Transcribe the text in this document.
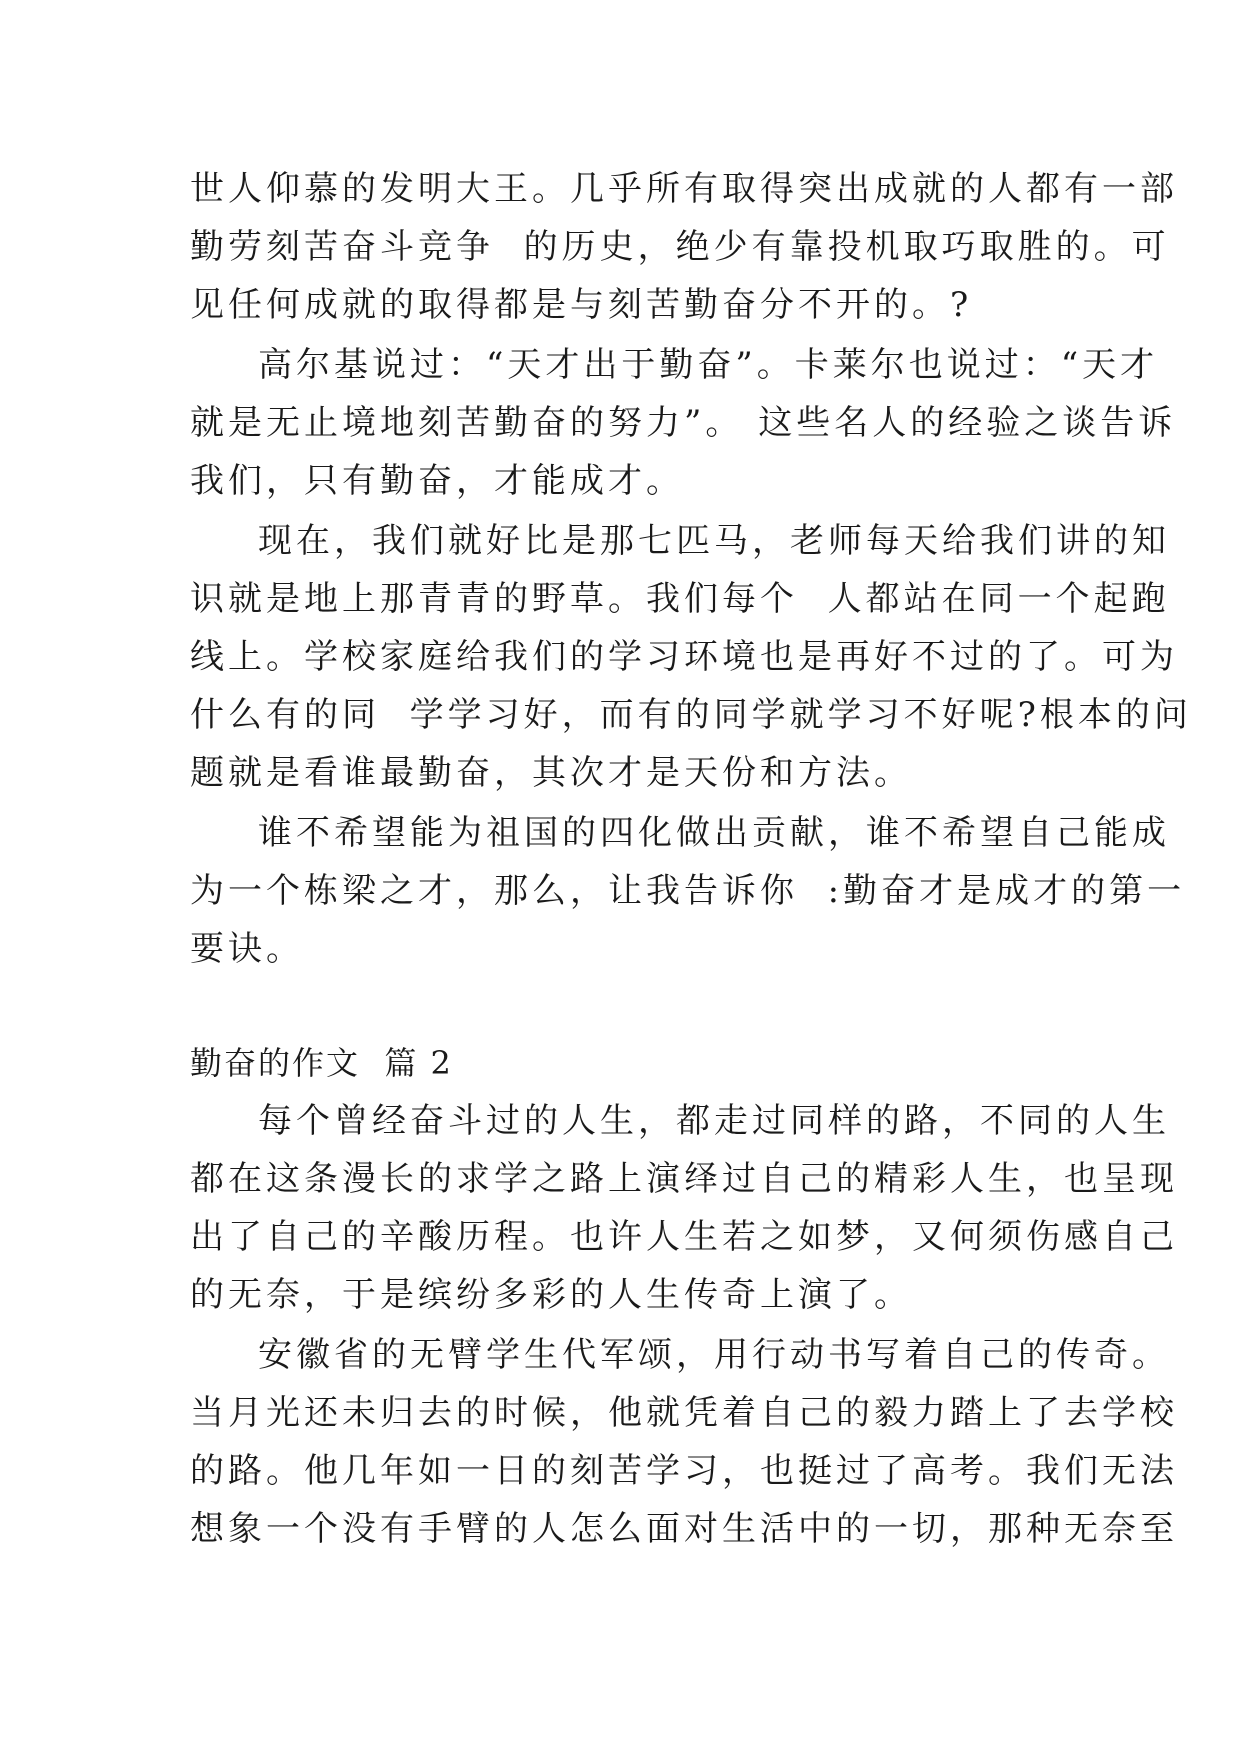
世人仰慕的发明大王。几乎所有取得突出成就的人都有一部
勤劳刻苦奋斗竞争  的历史，绝少有靠投机取巧取胜的。可
见任何成就的取得都是与刻苦勤奋分不开的。?
高尔基说过：“天才出于勤奋”。卡莱尔也说过：“天才
就是无止境地刻苦勤奋的努力”。 这些名人的经验之谈告诉
我们，只有勤奋，才能成才。
现在，我们就好比是那七匹马，老师每天给我们讲的知
识就是地上那青青的野草。我们每个  人都站在同一个起跑
线上。学校家庭给我们的学习环境也是再好不过的了。可为
什么有的同  学学习好，而有的同学就学习不好呢?根本的问
题就是看谁最勤奋，其次才是天份和方法。
谁不希望能为祖国的四化做出贡献，谁不希望自己能成
为一个栋梁之才，那么，让我告诉你  :勤奋才是成才的第一
要诀。
勤奋的作文  篇 2
每个曾经奋斗过的人生，都走过同样的路，不同的人生
都在这条漫长的求学之路上演绎过自己的精彩人生，也呈现
出了自己的辛酸历程。也许人生若之如梦，又何须伤感自己
的无奈，于是缤纷多彩的人生传奇上演了。
安徽省的无臂学生代军颂，用行动书写着自己的传奇。
当月光还未归去的时候，他就凭着自己的毅力踏上了去学校
的路。他几年如一日的刻苦学习，也挺过了高考。我们无法
想象一个没有手臂的人怎么面对生活中的一切，那种无奈至
